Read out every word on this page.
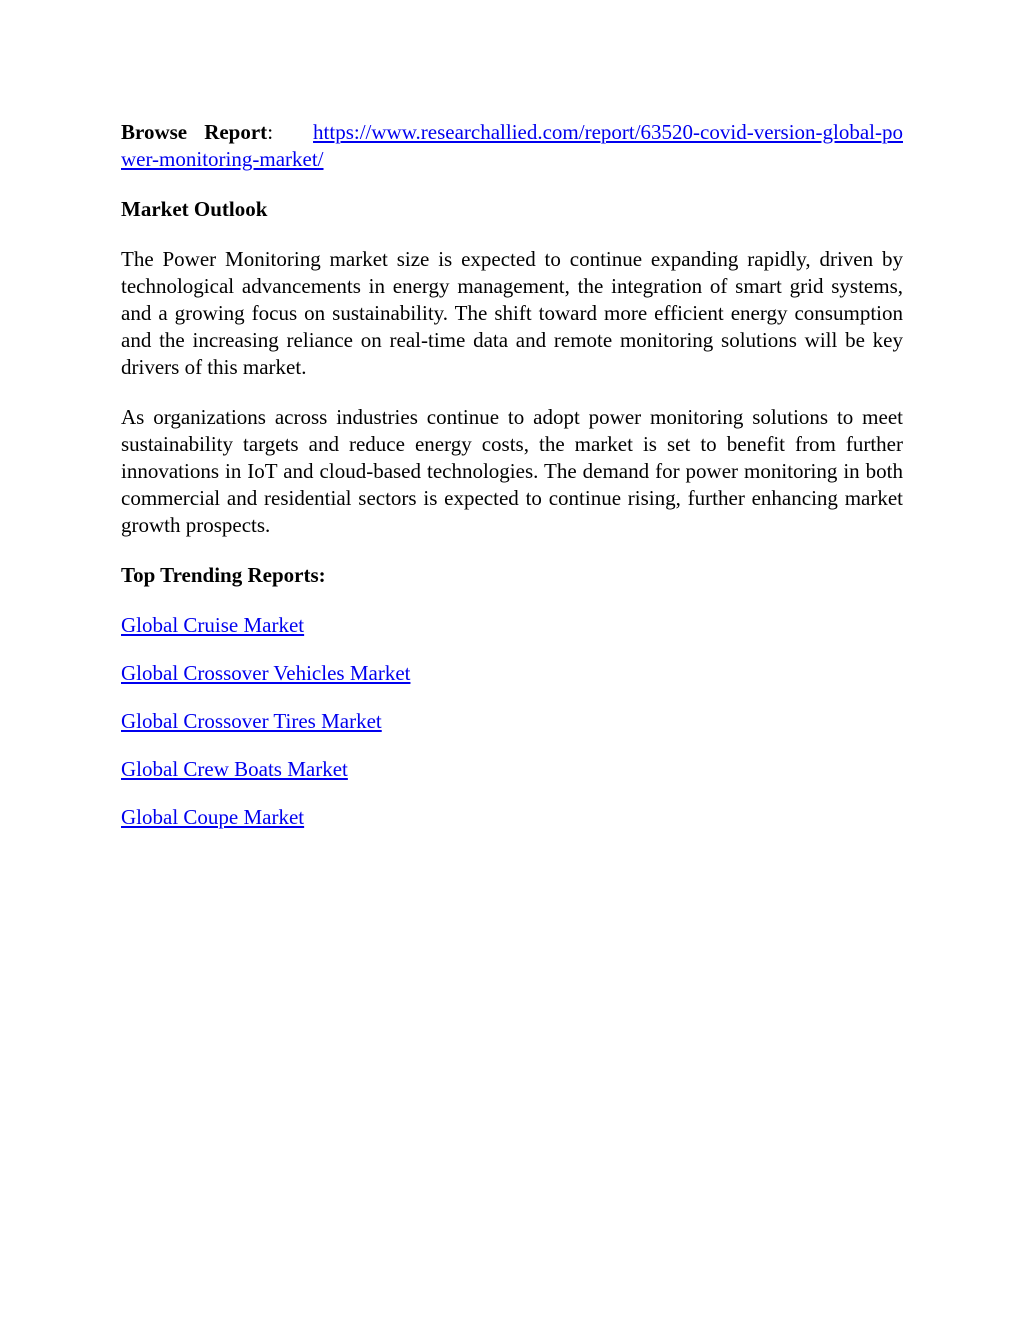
Browse Report: https://www.researchallied.com/report/63520-covid-version-global-power-monitoring-market/

Market Outlook

The Power Monitoring market size is expected to continue expanding rapidly, driven by technological advancements in energy management, the integration of smart grid systems, and a growing focus on sustainability. The shift toward more efficient energy consumption and the increasing reliance on real-time data and remote monitoring solutions will be key drivers of this market.

As organizations across industries continue to adopt power monitoring solutions to meet sustainability targets and reduce energy costs, the market is set to benefit from further innovations in IoT and cloud-based technologies. The demand for power monitoring in both commercial and residential sectors is expected to continue rising, further enhancing market growth prospects.

Top Trending Reports:
Global Cruise Market
Global Crossover Vehicles Market
Global Crossover Tires Market
Global Crew Boats Market
Global Coupe Market
